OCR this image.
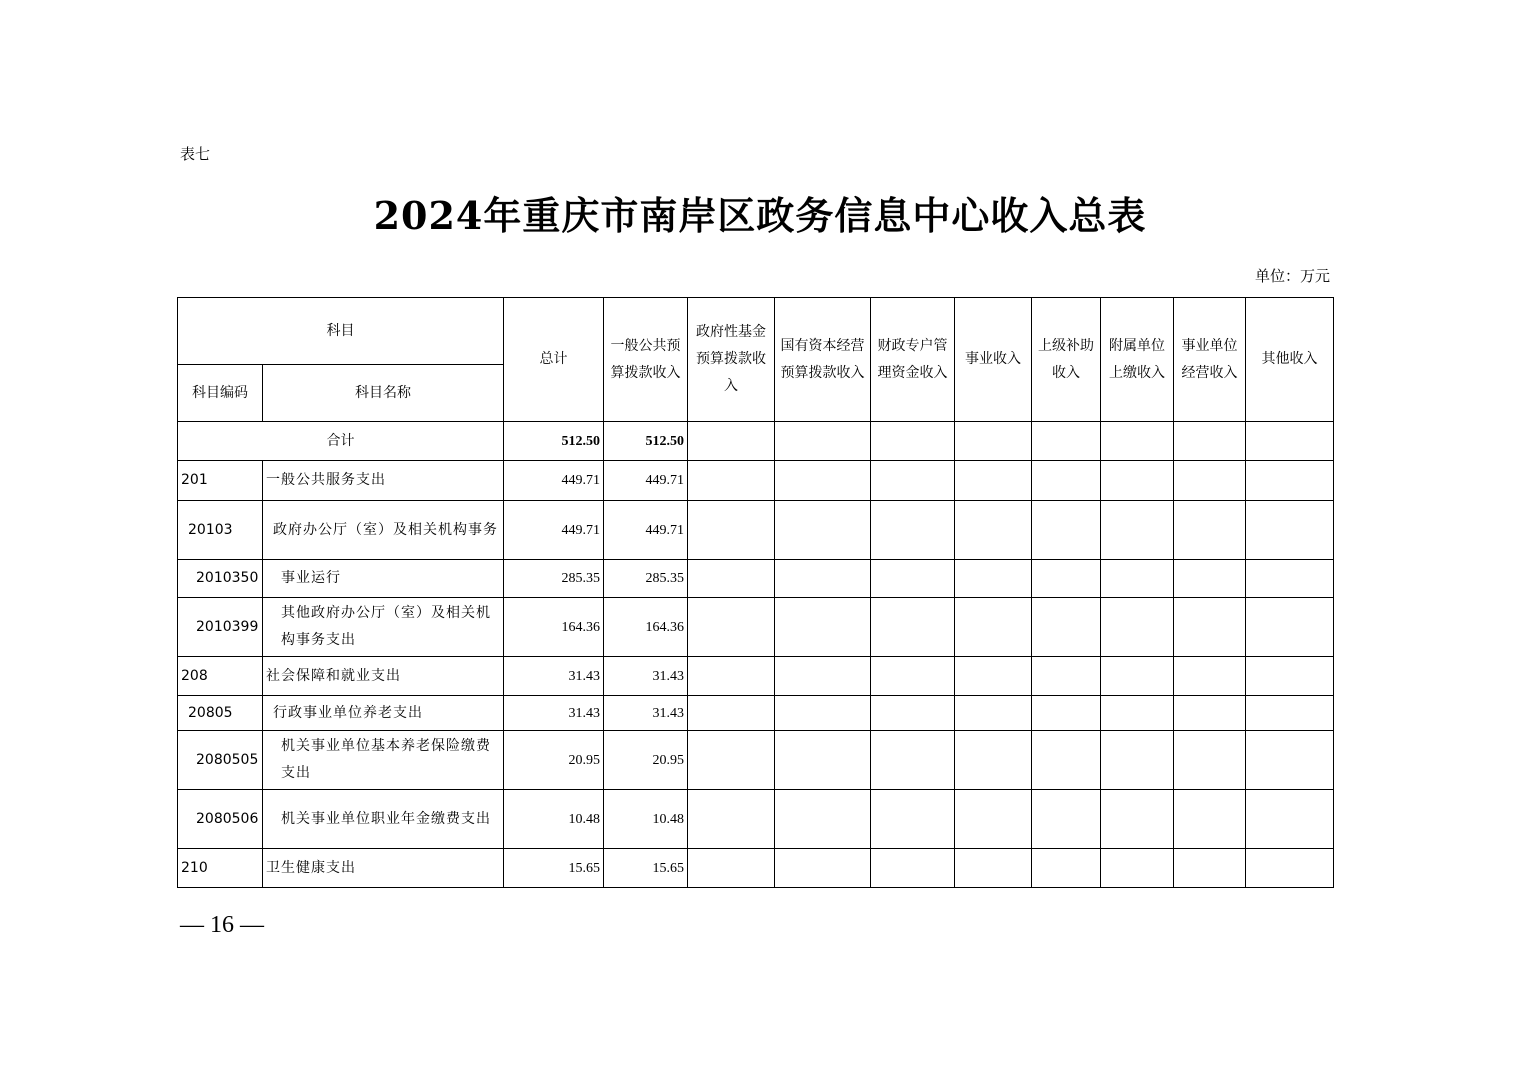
表七
2024年重庆市南岸区政务信息中心收入总表
单位：万元
科目		总计	一般公共预算拨款收入	政府性基金预算拨款收入	国有资本经营预算拨款收入	财政专户管理资金收入	事业收入	上级补助收入	附属单位上缴收入	事业单位经营收入	其他收入
科目编码	科目名称										
合计		512.50	512.50								
201	一般公共服务支出	449.71	449.71								
20103	政府办公厅（室）及相关机构事务	449.71	449.71								
2010350	事业运行	285.35	285.35								
2010399	其他政府办公厅（室）及相关机构事务支出	164.36	164.36								
208	社会保障和就业支出	31.43	31.43								
20805	行政事业单位养老支出	31.43	31.43								
2080505	机关事业单位基本养老保险缴费支出	20.95	20.95								
2080506	机关事业单位职业年金缴费支出	10.48	10.48								
210	卫生健康支出	15.65	15.65								
— 16 —
